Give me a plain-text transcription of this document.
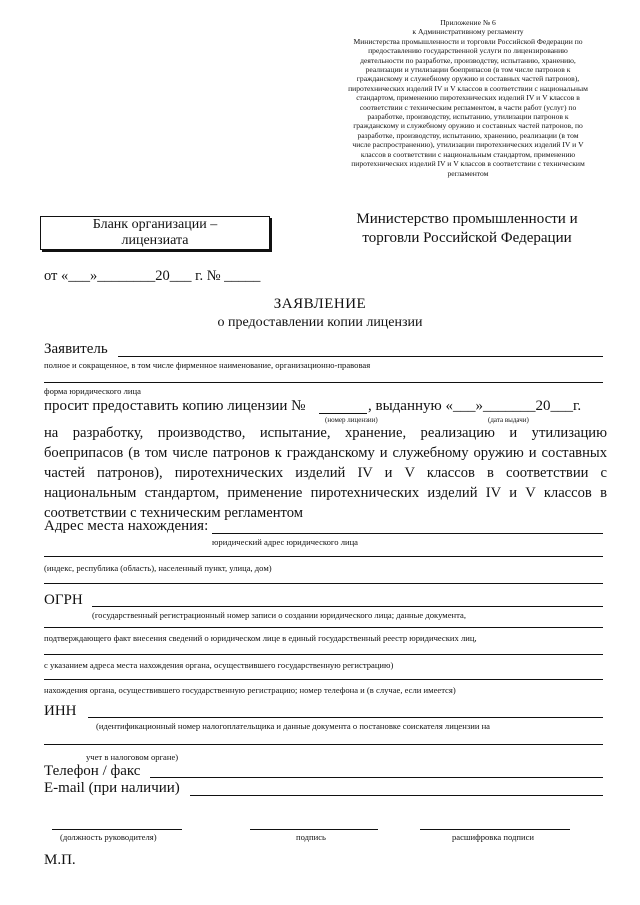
Приложение № 6
к Административному регламенту
Министерства промышленности и торговли Российской Федерации по
предоставлению государственной услуги по лицензированию
деятельности по разработке, производству, испытанию, хранению,
реализации и утилизации боеприпасов (в том числе патронов к
гражданскому и служебному оружию и составных частей патронов),
пиротехнических изделий IV и V классов в соответствии с национальным
стандартом, применению пиротехнических изделий IV и V классов в
соответствии с техническим регламентом, в части работ (услуг) по
разработке, производству, испытанию, утилизации патронов к
гражданскому и служебному оружию и составных частей патронов, по
разработке, производству, испытанию, хранению, реализации (в том
числе распространению), утилизации пиротехнических изделий IV и V
классов в соответствии с национальным стандартом, применению
пиротехнических изделий IV и V классов в соответствии с техническим
регламентом
Бланк организации –
лицензиата
Министерство промышленности и
торговли Российской Федерации
от «___»________20___ г. № _____
ЗАЯВЛЕНИЕ
о предоставлении копии лицензии
Заявитель
полное и сокращенное, в том числе фирменное наименование, организационно-правовая
форма юридического лица
просит предоставить копию лицензии №	, выданную «___»_______20___г.
(номер лицензии)	(дата выдачи)
на разработку, производство, испытание, хранение, реализацию и утилизацию боеприпасов (в том числе патронов к гражданскому и служебному оружию и составных частей патронов), пиротехнических изделий IV и V классов в соответствии с национальным стандартом, применение пиротехнических изделий IV и V классов в соответствии с техническим регламентом
Адрес места нахождения:
юридический адрес юридического лица
(индекс, республика (область), населенный пункт, улица, дом)
ОГРН
(государственный регистрационный номер записи о создании юридического лица; данные документа,
подтверждающего факт внесения сведений о юридическом лице в единый государственный реестр юридических лиц,
с указанием адреса места нахождения органа, осуществившего государственную регистрацию)
нахождения органа, осуществившего государственную регистрацию; номер телефона и (в случае, если имеется)
ИНН
(идентификационный номер налогоплательщика и данные документа о постановке соискателя лицензии на
учет в налоговом органе)
Телефон / факс
E-mail (при наличии)
(должность руководителя)	подпись	расшифровка подписи
М.П.
